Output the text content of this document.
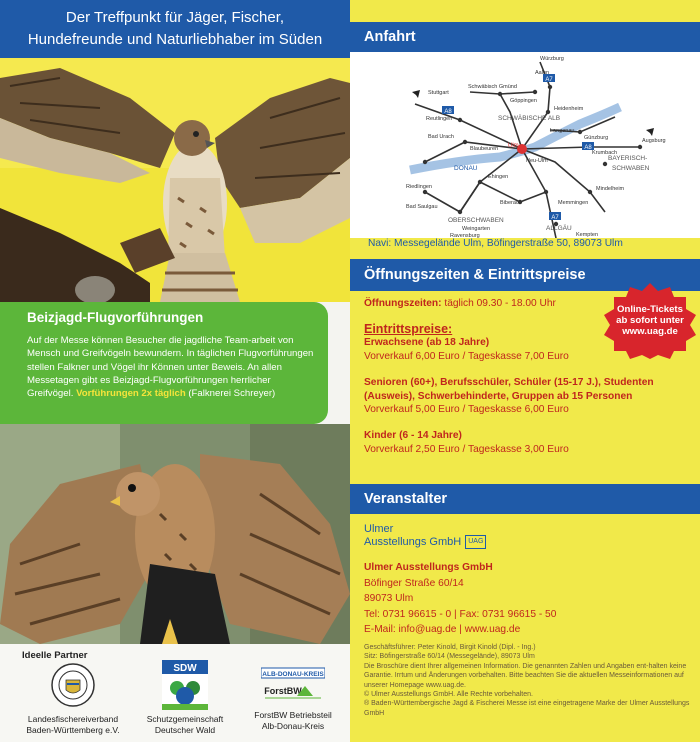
Der Treffpunkt für Jäger, Fischer,
Hundefreunde und Naturliebhaber im Süden
Beizjagd-Flugvorführungen

Auf der Messe können Besucher die jagdliche Team-arbeit von Mensch und Greifvögeln bewundern. In täglichen Flugvorführungen stellen Falkner und Vögel ihr Können unter Beweis. An allen Messetagen gibt es Beizjagd-Flugvorführungen herrlicher Greifvögel. Vorführungen 2x täglich (Falknerei Schreyer)

Ideelle Partner
Landesfischereiverband
Baden-Württemberg e.V.
SDW
Schutzgemeinschaft
Deutscher Wald
ALB-DONAU-KREIS
ForstBW
ForstBW Betriebsteil
Alb-Donau-Kreis
Anfahrt
A8
A7
A8
A7
Würzburg
Aalen
Schwäbisch Gmünd
Stuttgart
Göppingen
Heidenheim
SCHWÄBISCHE ALB
Reutlingen
Bad Urach
Langenau
Günzburg
Blaubeuren Ulm
Neu-Ulm
Augsburg
BAYERISCH-
SCHWABEN
DONAU
Riedlingen
Ehingen
Biberach
Mindelheim
Krumbach
Bad Saulgau
OBERSCHWABEN
Weingarten
Ravensburg
Memmingen
ALLGÄU
Kempten
Navi: Messegelände Ulm, Böfingerstraße 50, 89073 Ulm
Öffnungszeiten & Eintrittspreise
Öffnungszeiten: täglich 09.30 - 18.00 Uhr
Online-Tickets
ab sofort unter
www.uag.de
Eintrittspreise:
Erwachsene (ab 18 Jahre)
Vorverkauf 6,00 Euro / Tageskasse 7,00 Euro
Senioren (60+), Berufsschüler, Schüler (15-17 J.), Studenten (Ausweis), Schwerbehinderte, Gruppen ab 15 Personen
Vorverkauf 5,00 Euro / Tageskasse 6,00 Euro
Kinder (6 - 14 Jahre)
Vorverkauf 2,50 Euro / Tageskasse 3,00 Euro
Veranstalter
Ulmer
Ausstellungs GmbH	UAG
Ulmer Ausstellungs GmbH
Böfinger Straße 60/14
89073 Ulm
Tel: 0731 96615 - 0 | Fax: 0731 96615 - 50
E-Mail: info@uag.de | www.uag.de
Geschäftsführer: Peter Kinold, Birgit Kinold (Dipl. - Ing.)
Sitz: Böfingerstraße 60/14 (Messegelände), 89073 Ulm
Die Broschüre dient Ihrer allgemeinen Information. Die genannten Zahlen und Angaben ent-halten keine Garantie. Irrtum und Änderungen vorbehalten. Bitte beachten Sie die aktuellen Messeinformationen auf unserer Homepage www.uag.de.
© Ulmer Ausstellungs GmbH. Alle Rechte vorbehalten.
® Baden-Württembergische Jagd & Fischerei Messe ist eine eingetragene Marke der Ulmer Ausstellungs GmbH
